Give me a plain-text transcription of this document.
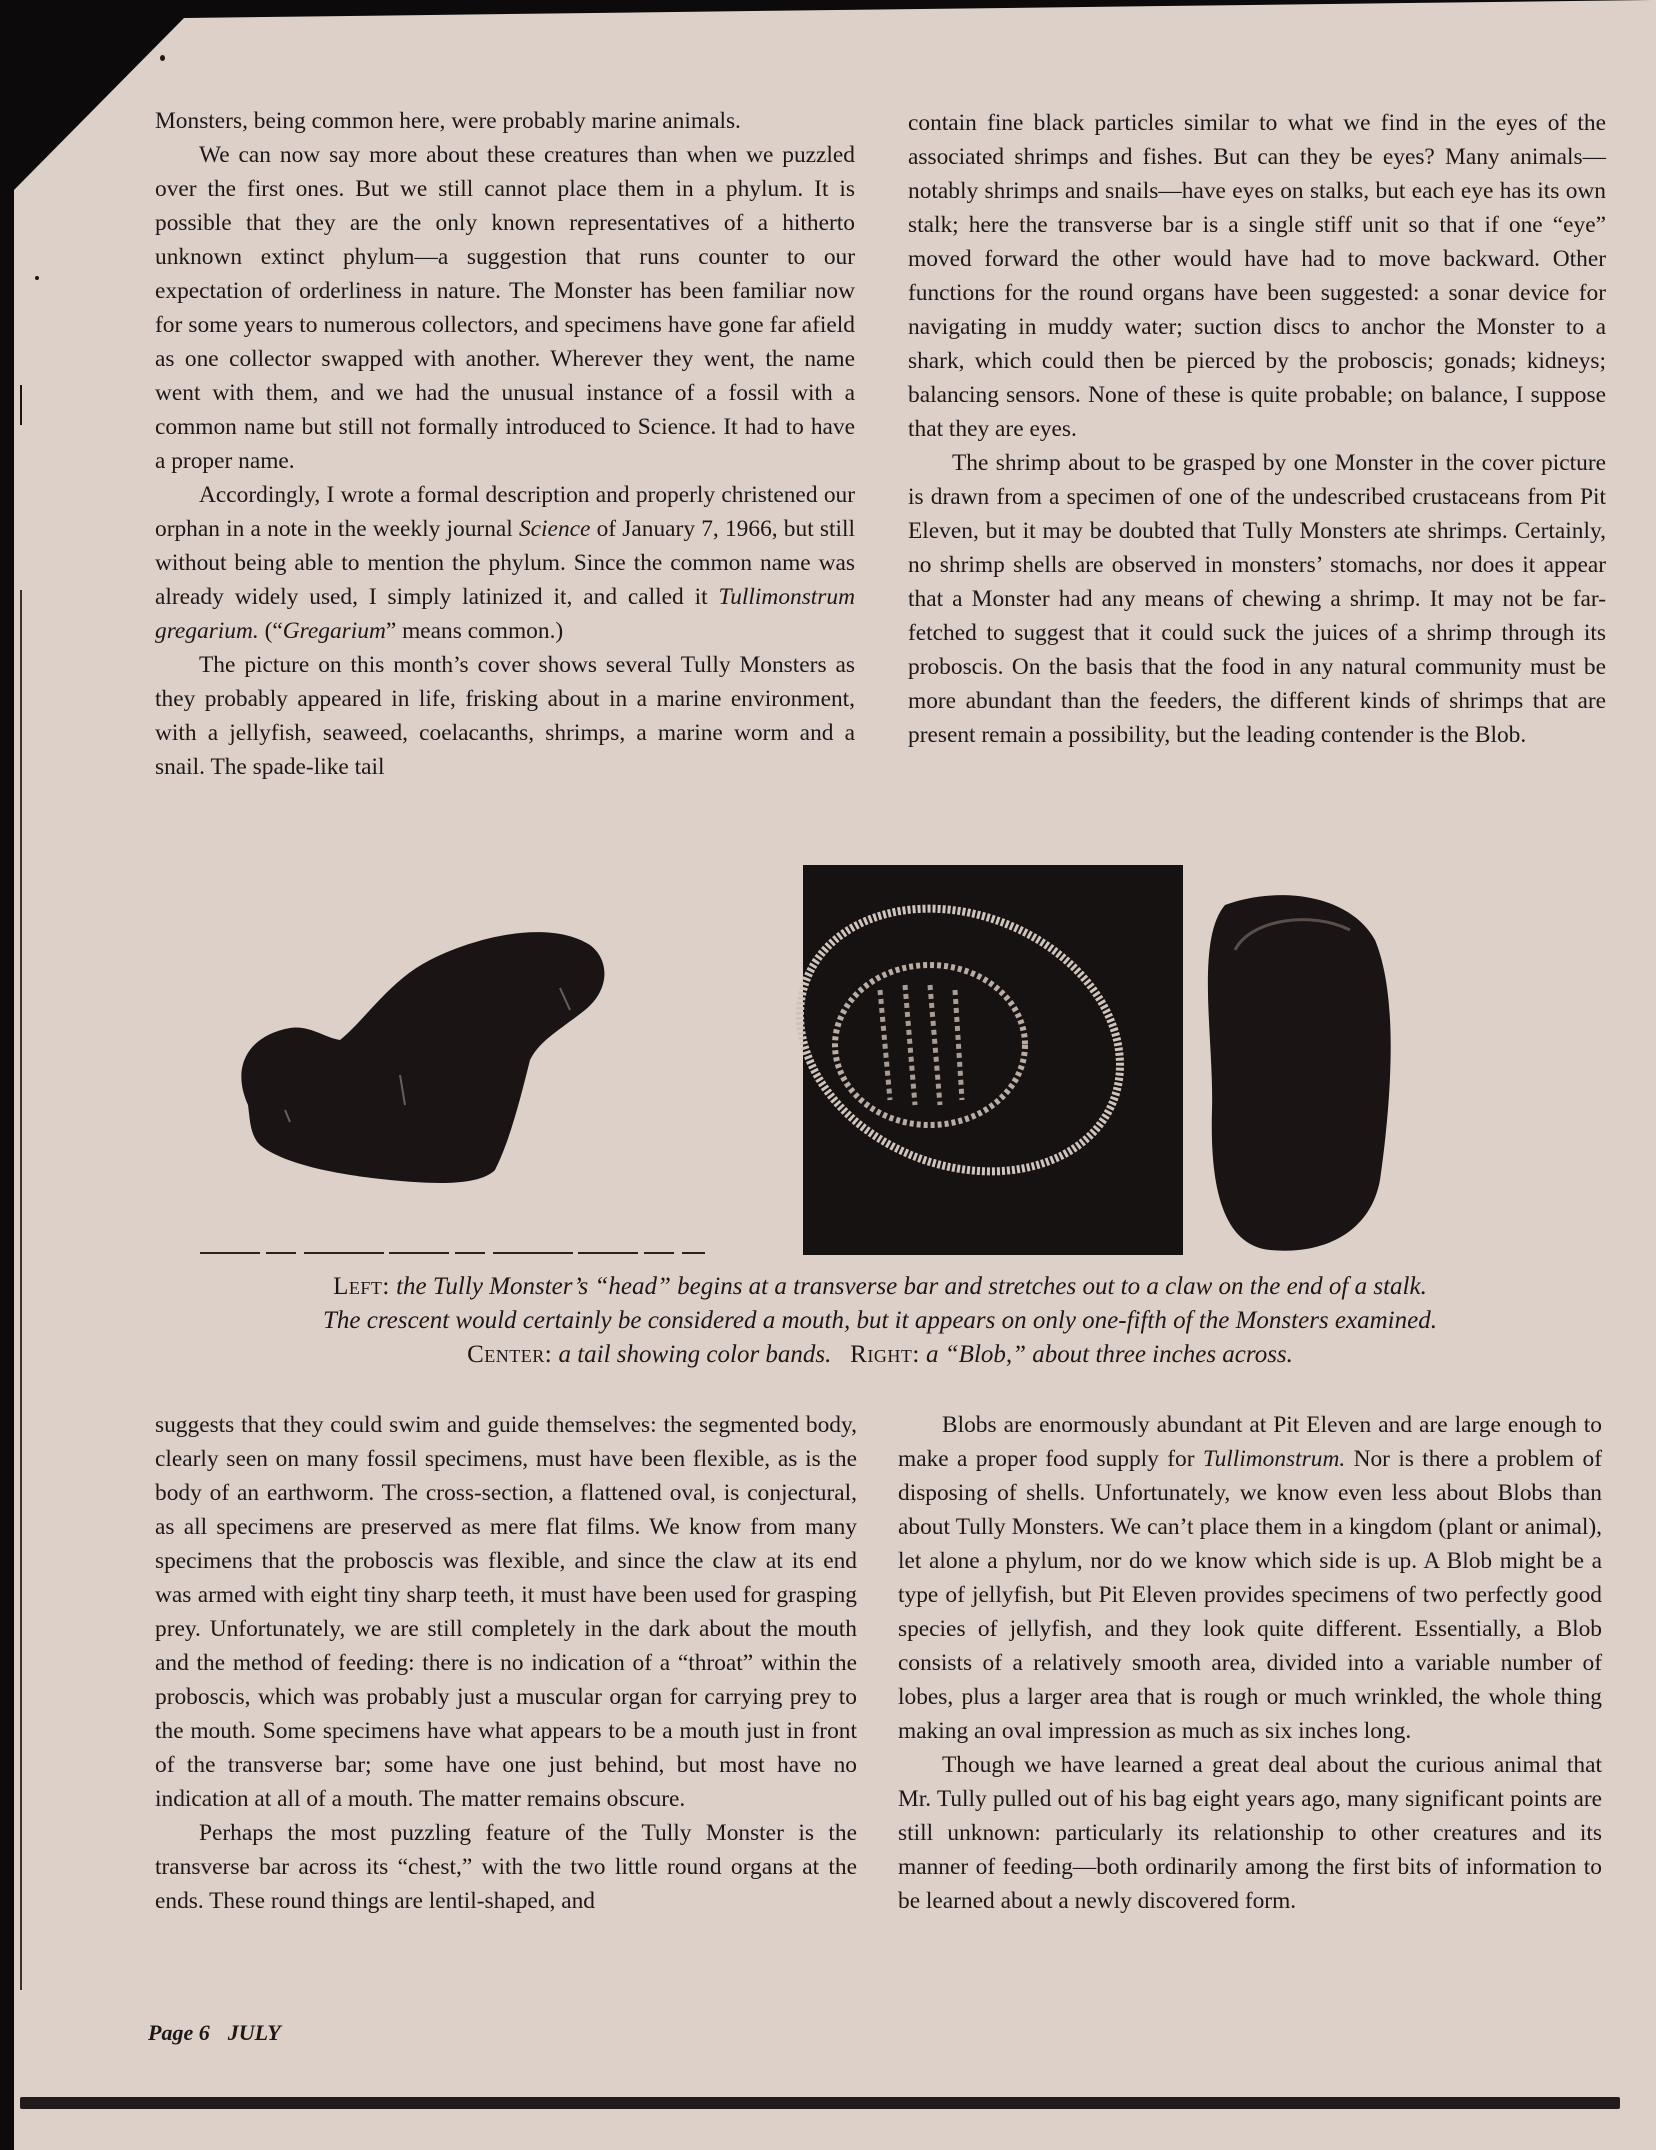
Monsters, being common here, were probably marine animals.

We can now say more about these creatures than when we puzzled over the first ones. But we still cannot place them in a phylum. It is possible that they are the only known representatives of a hitherto unknown extinct phylum—a suggestion that runs counter to our expectation of orderliness in nature. The Monster has been familiar now for some years to numerous collectors, and specimens have gone far afield as one collector swapped with another. Wherever they went, the name went with them, and we had the unusual instance of a fossil with a common name but still not formally introduced to Science. It had to have a proper name.

Accordingly, I wrote a formal description and properly christened our orphan in a note in the weekly journal Science of January 7, 1966, but still without being able to mention the phylum. Since the common name was already widely used, I simply latinized it, and called it Tullimonstrum gregarium. (“Gregarium” means common.)

The picture on this month’s cover shows several Tully Monsters as they probably appeared in life, frisking about in a marine environment, with a jellyfish, seaweed, coelacanths, shrimps, a marine worm and a snail. The spade-like tail

contain fine black particles similar to what we find in the eyes of the associated shrimps and fishes. But can they be eyes? Many animals—notably shrimps and snails—have eyes on stalks, but each eye has its own stalk; here the transverse bar is a single stiff unit so that if one “eye” moved forward the other would have had to move backward. Other functions for the round organs have been suggested: a sonar device for navigating in muddy water; suction discs to anchor the Monster to a shark, which could then be pierced by the proboscis; gonads; kidneys; balancing sensors. None of these is quite probable; on balance, I suppose that they are eyes.

The shrimp about to be grasped by one Monster in the cover picture is drawn from a specimen of one of the undescribed crustaceans from Pit Eleven, but it may be doubted that Tully Monsters ate shrimps. Certainly, no shrimp shells are observed in monsters’ stomachs, nor does it appear that a Monster had any means of chewing a shrimp. It may not be far-fetched to suggest that it could suck the juices of a shrimp through its proboscis. On the basis that the food in any natural community must be more abundant than the feeders, the different kinds of shrimps that are present remain a possibility, but the leading contender is the Blob.

Left: the Tully Monster’s “head” begins at a transverse bar and stretches out to a claw on the end of a stalk.
The crescent would certainly be considered a mouth, but it appears on only one-fifth of the Monsters examined.
Center: a tail showing color bands. Right: a “Blob,” about three inches across.

suggests that they could swim and guide themselves: the segmented body, clearly seen on many fossil specimens, must have been flexible, as is the body of an earthworm. The cross-section, a flattened oval, is conjectural, as all specimens are preserved as mere flat films. We know from many specimens that the proboscis was flexible, and since the claw at its end was armed with eight tiny sharp teeth, it must have been used for grasping prey. Unfortunately, we are still completely in the dark about the mouth and the method of feeding: there is no indication of a “throat” within the proboscis, which was probably just a muscular organ for carrying prey to the mouth. Some specimens have what appears to be a mouth just in front of the transverse bar; some have one just behind, but most have no indication at all of a mouth. The matter remains obscure.

Perhaps the most puzzling feature of the Tully Monster is the transverse bar across its “chest,” with the two little round organs at the ends. These round things are lentil-shaped, and

Blobs are enormously abundant at Pit Eleven and are large enough to make a proper food supply for Tullimonstrum. Nor is there a problem of disposing of shells. Unfortunately, we know even less about Blobs than about Tully Monsters. We can’t place them in a kingdom (plant or animal), let alone a phylum, nor do we know which side is up. A Blob might be a type of jellyfish, but Pit Eleven provides specimens of two perfectly good species of jellyfish, and they look quite different. Essentially, a Blob consists of a relatively smooth area, divided into a variable number of lobes, plus a larger area that is rough or much wrinkled, the whole thing making an oval impression as much as six inches long.

Though we have learned a great deal about the curious animal that Mr. Tully pulled out of his bag eight years ago, many significant points are still unknown: particularly its relationship to other creatures and its manner of feeding—both ordinarily among the first bits of information to be learned about a newly discovered form.

Page 6 JULY
